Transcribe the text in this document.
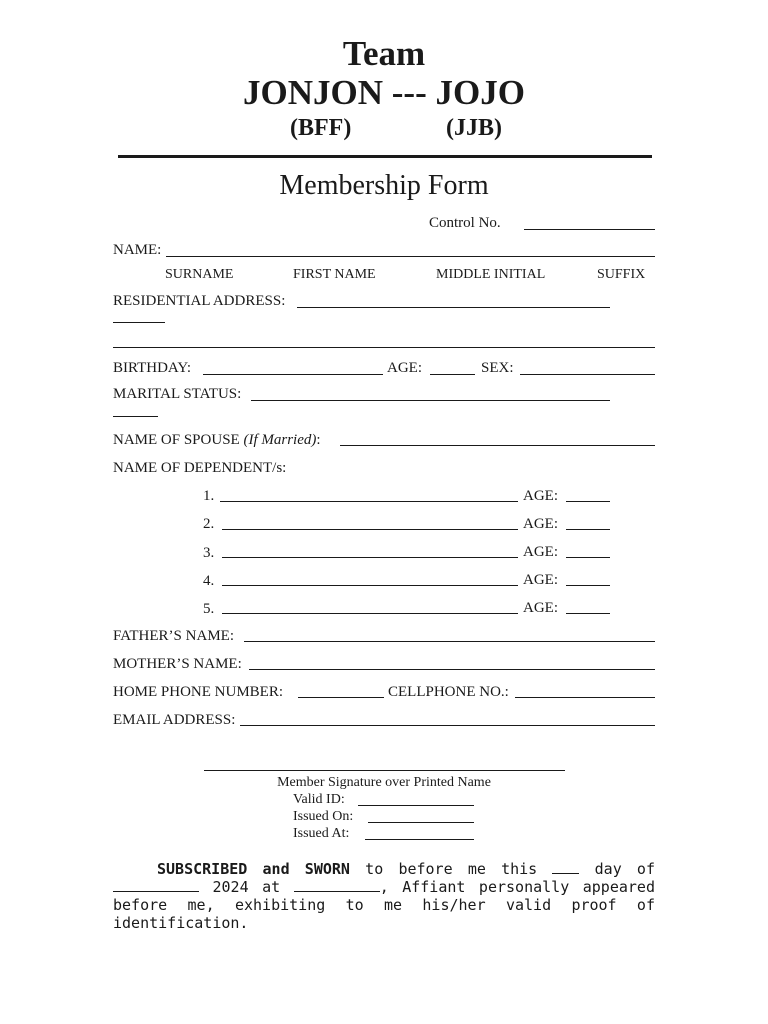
Team
JONJON --- JOJO
(BFF)	(JJB)
Membership Form
Control No.
NAME:
SURNAME	FIRST NAME	MIDDLE INITIAL	SUFFIX
RESIDENTIAL ADDRESS:
BIRTHDAY:	AGE:	SEX:
MARITAL STATUS:
NAME OF SPOUSE (If Married):
NAME OF DEPENDENT/s:
1.	AGE:
2.	AGE:
3.	AGE:
4.	AGE:
5.	AGE:
FATHER’S NAME:
MOTHER’S NAME:
HOME PHONE NUMBER:	CELLPHONE NO.:
EMAIL ADDRESS:
Member Signature over Printed Name
Valid ID:
Issued On:
Issued At:
SUBSCRIBED and SWORN to before me this  day of  2024 at	, Affiant personally appeared before me, exhibiting to me his/her valid proof of identification.
